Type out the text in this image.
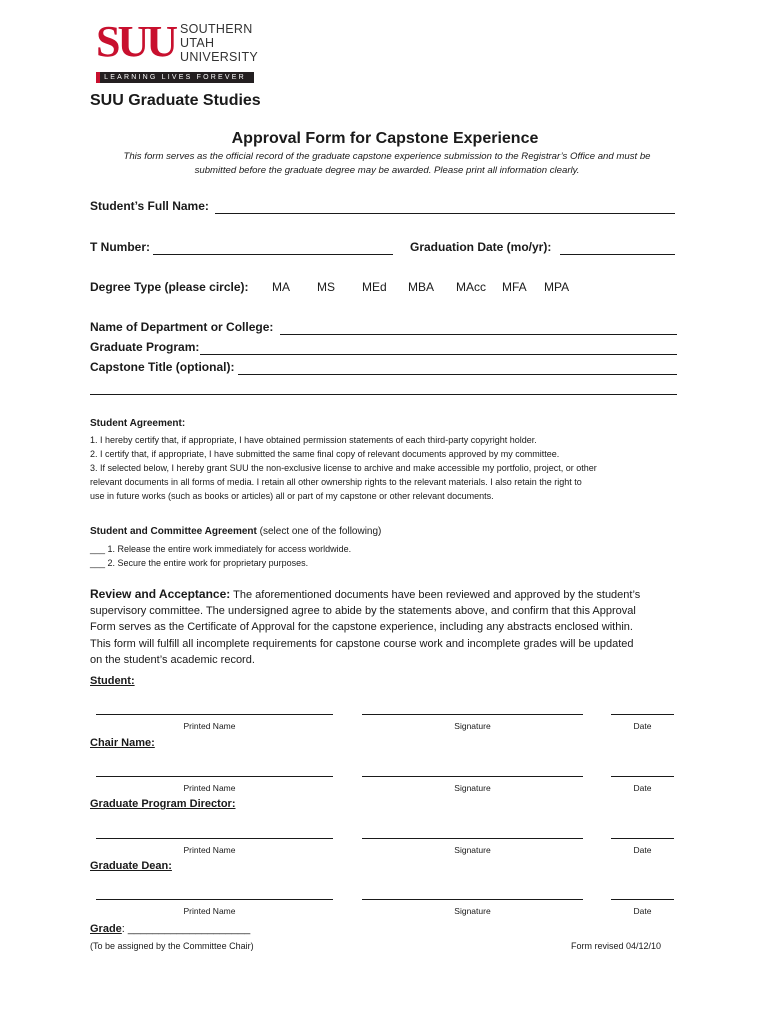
SUU SOUTHERN
UTAH
UNIVERSITY
LEARNING LIVES FOREVER
SUU Graduate Studies
Approval Form for Capstone Experience
This form serves as the official record of the graduate capstone experience submission to the Registrar’s Office and must be
submitted before the graduate degree may be awarded. Please print all information clearly.
Student’s Full Name:
T Number:	Graduation Date (mo/yr):
Degree Type (please circle): MA MS MEd MBA MAcc MFA MPA
Name of Department or College:
Graduate Program:
Capstone Title (optional):
Student Agreement:
1. I hereby certify that, if appropriate, I have obtained permission statements of each third-party copyright holder.
2. I certify that, if appropriate, I have submitted the same final copy of relevant documents approved by my committee.
3. If selected below, I hereby grant SUU the non-exclusive license to archive and make accessible my portfolio, project, or other
relevant documents in all forms of media. I retain all other ownership rights to the relevant materials. I also retain the right to
use in future works (such as books or articles) all or part of my capstone or other relevant documents.
Student and Committee Agreement (select one of the following)
___ 1. Release the entire work immediately for access worldwide.
___ 2. Secure the entire work for proprietary purposes.
Review and Acceptance: The aforementioned documents have been reviewed and approved by the student’s
supervisory committee. The undersigned agree to abide by the statements above, and confirm that this Approval
Form serves as the Certificate of Approval for the capstone experience, including any abstracts enclosed within.
This form will fulfill all incomplete requirements for capstone course work and incomplete grades will be updated
on the student’s academic record.
Student:
Printed Name	Signature	Date
Chair Name:
Printed Name	Signature	Date
Graduate Program Director:
Printed Name	Signature	Date
Graduate Dean:
Printed Name	Signature	Date
Grade: ____________________
(To be assigned by the Committee Chair)	Form revised 04/12/10
